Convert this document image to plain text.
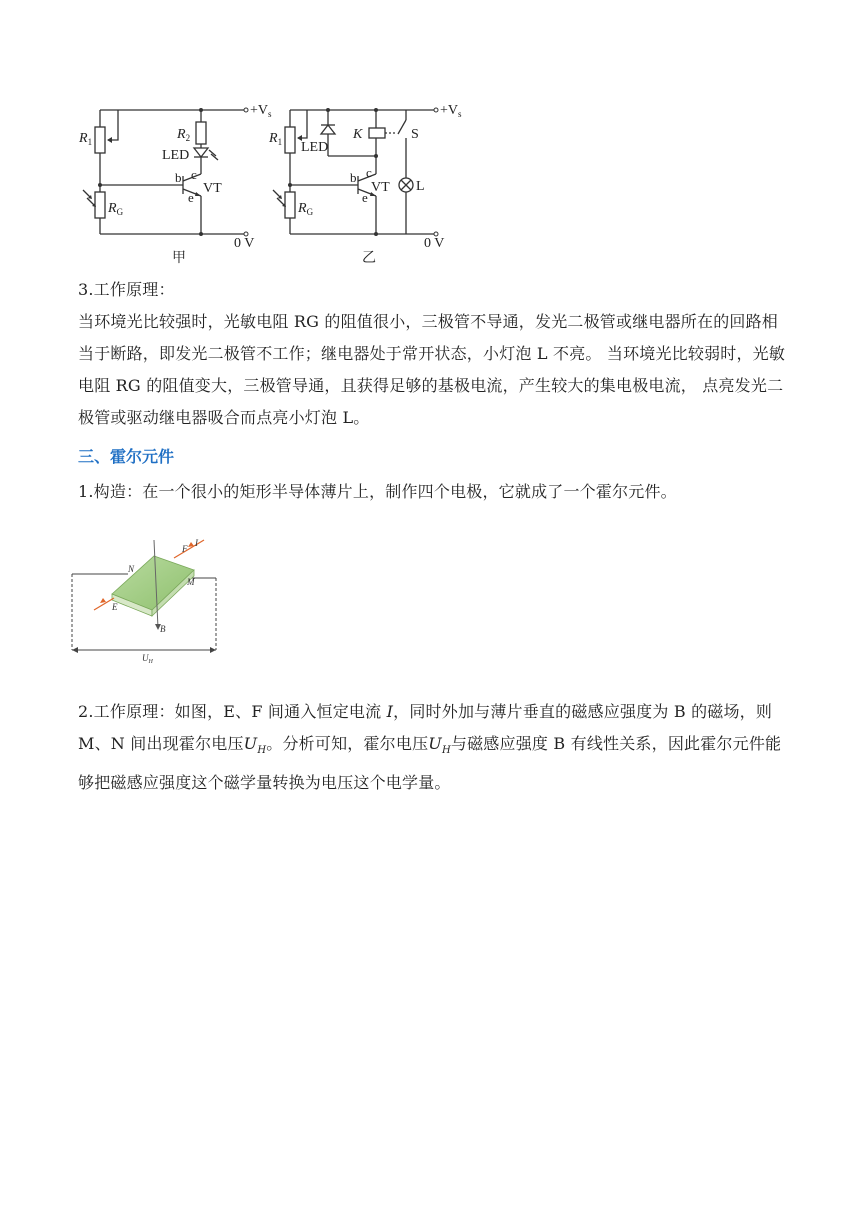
$+V_s$
$R_1$	$R_2$
LED
b c
e
VT
$R_G$
0 V
甲
$+V_s$
$R_1$ LED
K	S
L
b c
e
VT
$R_G$
0 V
乙
3.工作原理：
当环境光比较强时，光敏电阻 RG 的阻值很小，三极管不导通，发光二极管或继电器所在的回路相当于断路，即发光二极管不工作；继电器处于常开状态，小灯泡 L 不亮。 当环境光比较弱时，光敏电阻 RG 的阻值变大，三极管导通，且获得足够的基极电流，产生较大的集电极电流， 点亮发光二极管或驱动继电器吸合而点亮小灯泡 L。
三、霍尔元件
1.构造：在一个很小的矩形半导体薄片上，制作四个电极，它就成了一个霍尔元件。
F
I
N
M
E
B
$U_H$
2.工作原理：如图，E、F 间通入恒定电流 I，同时外加与薄片垂直的磁感应强度为 B 的磁场，则 M、N 间出现霍尔电压$U_H$。分析可知，霍尔电压$U_H$与磁感应强度 B 有线性关系，因此霍尔元件能够把磁感应强度这个磁学量转换为电压这个电学量。
